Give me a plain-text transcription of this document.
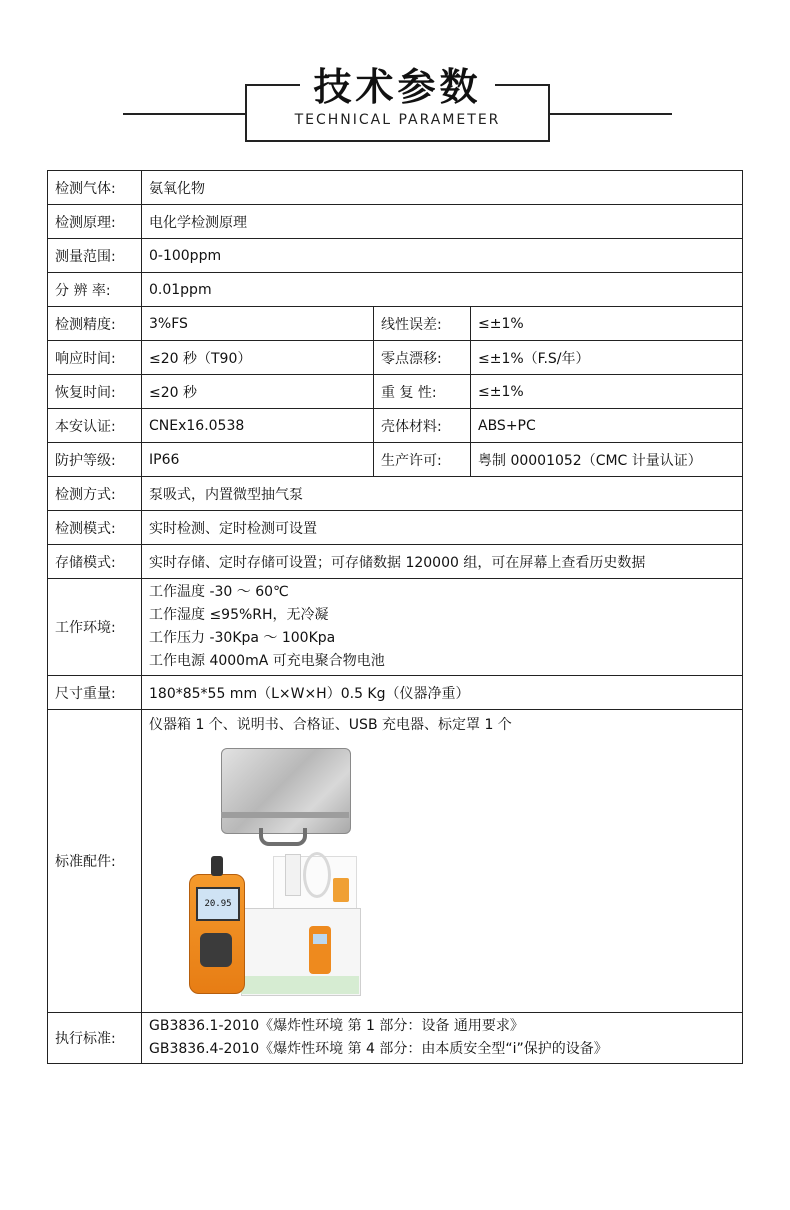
技术参数
TECHNICAL PARAMETER
检测气体:	氨氧化物		
检测原理:	电化学检测原理		
测量范围:	0-100ppm		
分 辨 率:	0.01ppm		
检测精度:	3%FS	线性误差:	≤±1%
响应时间:	≤20 秒（T90）	零点漂移:	≤±1%（F.S/年）
恢复时间:	≤20 秒	重 复 性:	≤±1%
本安认证:	CNEx16.0538	壳体材料:	ABS+PC
防护等级:	IP66	生产许可:	粤制 00001052（CMC 计量认证）
检测方式:	泵吸式，内置微型抽气泵		
检测模式:	实时检测、定时检测可设置		
存储模式:	实时存储、定时存储可设置；可存储数据 120000 组，可在屏幕上查看历史数据		
工作环境:	工作温度 -30 ～ 60℃
工作湿度 ≤95%RH，无冷凝
工作压力 -30Kpa ～ 100Kpa
工作电源 4000mA 可充电聚合物电池		

尺寸重量:	180*85*55 mm（L×W×H）0.5 Kg（仪器净重）		
标准配件:	仪器箱 1 个、说明书、合格证、USB 充电器、标定罩 1 个
20.95		

执行标准:	GB3836.1-2010《爆炸性环境 第 1 部分：设备 通用要求》
GB3836.4-2010《爆炸性环境 第 4 部分：由本质安全型“i”保护的设备》		
